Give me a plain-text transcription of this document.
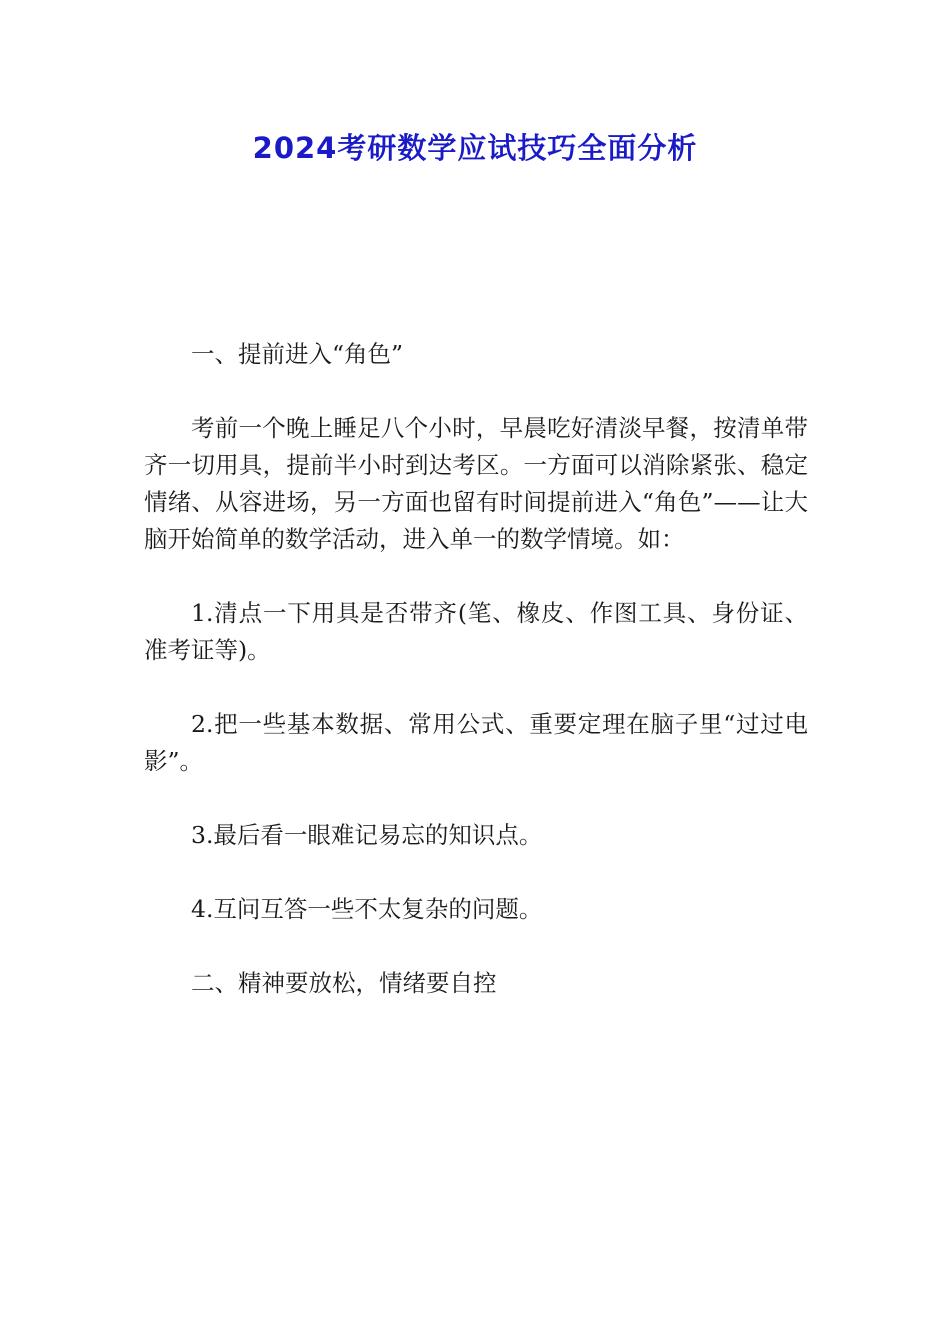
2024考研数学应试技巧全面分析

一、提前进入“角色”

考前一个晚上睡足八个小时，早晨吃好清淡早餐，按清单带齐一切用具，提前半小时到达考区。一方面可以消除紧张、稳定情绪、从容进场，另一方面也留有时间提前进入“角色”——让大脑开始简单的数学活动，进入单一的数学情境。如：

1.清点一下用具是否带齐(笔、橡皮、作图工具、身份证、准考证等)。

2.把一些基本数据、常用公式、重要定理在脑子里“过过电影”。

3.最后看一眼难记易忘的知识点。

4.互问互答一些不太复杂的问题。

二、精神要放松，情绪要自控
